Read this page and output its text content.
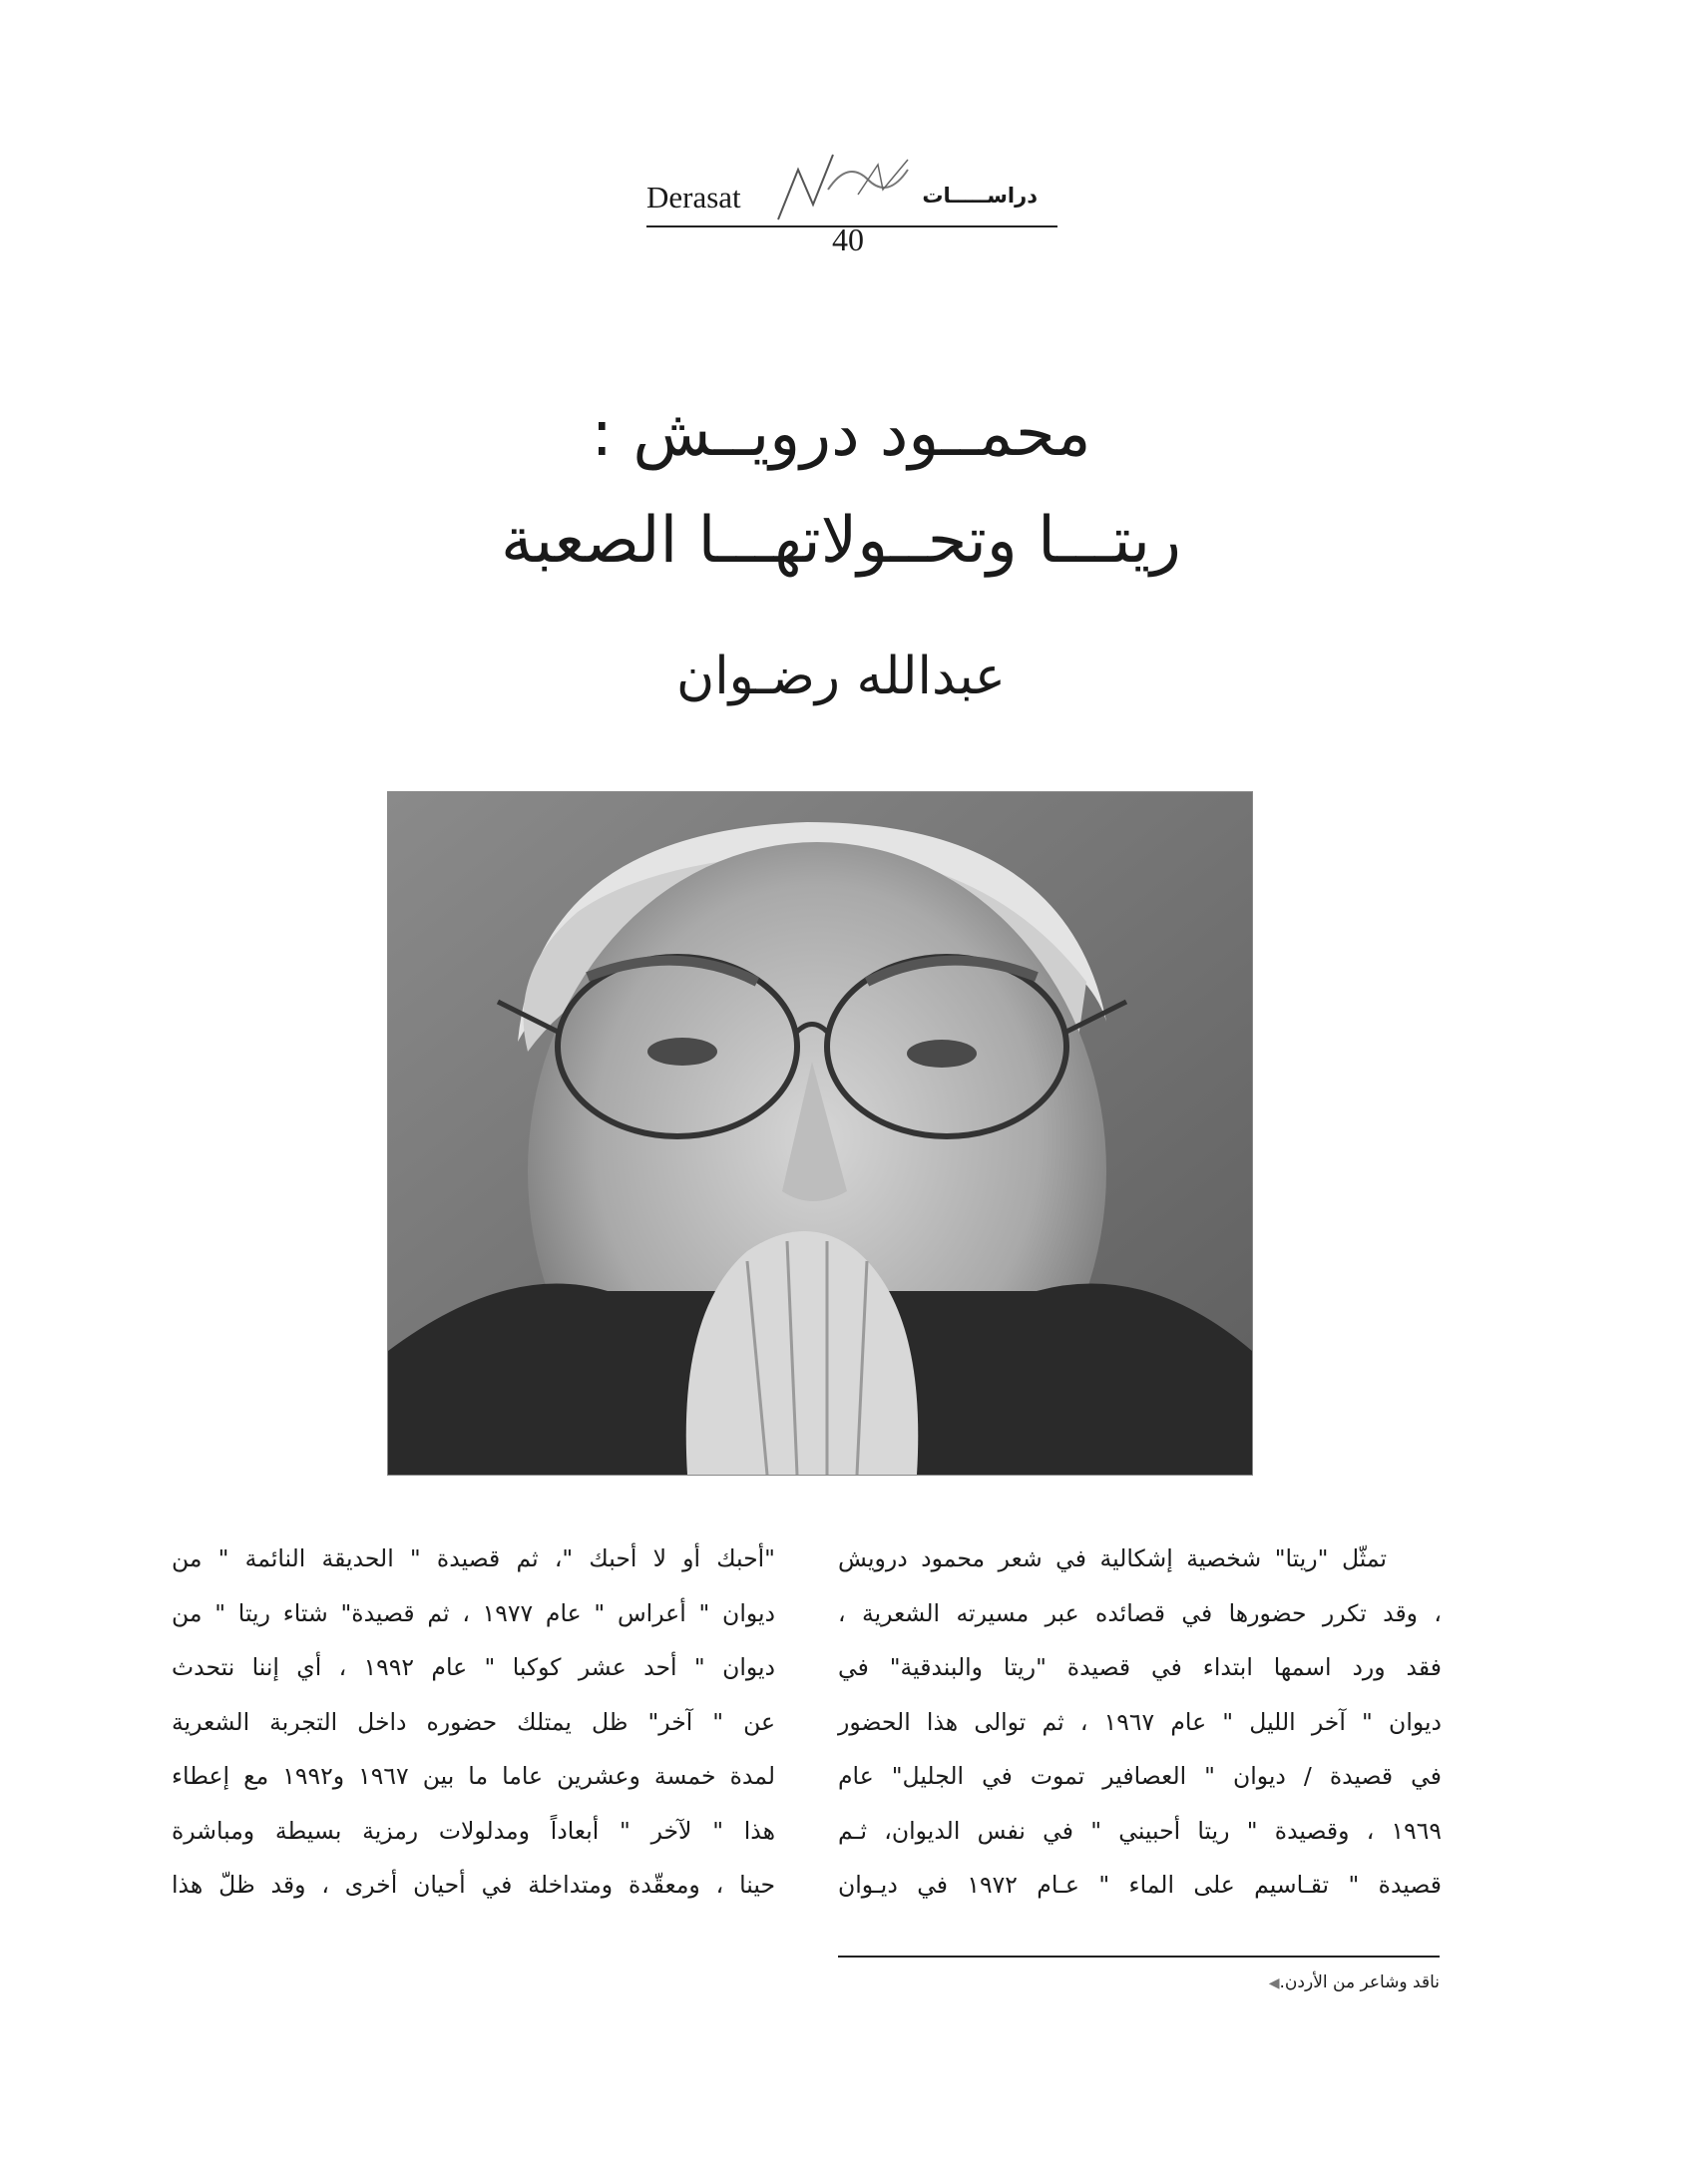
Derasat	دراســـــات
40
محمــود درويــش :
ريتـــا وتحــولاتهـــا الصعبة
عبدالله رضـوان

تمثّل "ريتا" شخصية إشكالية في شعر محمود درويش

، وقد تكرر حضورها في قصائده عبر مسيرته الشعرية ،

فقد ورد اسمها ابتداء في قصيدة "ريتا والبندقية" في

ديوان " آخر الليل " عام ١٩٦٧ ، ثم توالى هذا الحضور

في قصيدة / ديوان " العصافير تموت في الجليل" عام

١٩٦٩ ، وقصيدة " ريتا أحبيني " في نفس الديوان، ثـم

قصيدة " تقـاسيم على الماء " عـام ١٩٧٢ في ديـوان

"أحبك أو لا أحبك "، ثم قصيدة " الحديقة النائمة " من

ديوان " أعراس " عام ١٩٧٧ ، ثم قصيدة" شتاء ريتا " من

ديوان " أحد عشر كوكبا " عام ١٩٩٢ ، أي إننا نتحدث

عن " آخر" ظل يمتلك حضوره داخل التجربة الشعرية

لمدة خمسة وعشرين عاما ما بين ١٩٦٧ و١٩٩٢ مع إعطاء

هذا " لآخر " أبعاداً ومدلولات رمزية بسيطة ومباشرة

حينا ، ومعقّدة ومتداخلة في أحيان أخرى ، وقد ظلّ هذا

ناقد وشاعر من الأردن.◀
